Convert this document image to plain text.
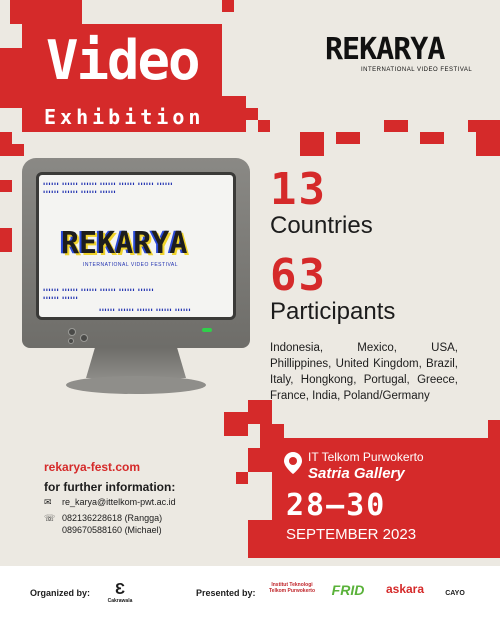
Video
Exhibition
REKARYA
INTERNATIONAL VIDEO FESTIVAL
▮▮▮▮▮▮ ▮▮▮▮▮▮ ▮▮▮▮▮▮ ▮▮▮▮▮▮ ▮▮▮▮▮▮ ▮▮▮▮▮▮ ▮▮▮▮▮▮
▮▮▮▮▮▮ ▮▮▮▮▮▮ ▮▮▮▮▮▮ ▮▮▮▮▮▮
REKARYA
INTERNATIONAL VIDEO FESTIVAL
▮▮▮▮▮▮ ▮▮▮▮▮▮ ▮▮▮▮▮▮ ▮▮▮▮▮▮ ▮▮▮▮▮▮ ▮▮▮▮▮▮
▮▮▮▮▮▮ ▮▮▮▮▮▮
▮▮▮▮▮▮ ▮▮▮▮▮▮ ▮▮▮▮▮▮ ▮▮▮▮▮▮ ▮▮▮▮▮▮
13
Countries
63
Participants
Indonesia, Mexico, USA, Phillippines, United Kingdom, Brazil, Italy, Hongkong, Portugal, Greece, France, India, Poland/Germany
IT Telkom Purwokerto
Satria Gallery
28—30
SEPTEMBER 2023
rekarya-fest.com
for further information:
✉ re_karya@ittelkom-pwt.ac.id
☏ 082136228618 (Rangga)
089670588160 (Michael)
Organized by:	Ɛ
Cakrawala
Presented by:
Institut Teknologi Telkom Purwokerto FRID	askara	CAYO
